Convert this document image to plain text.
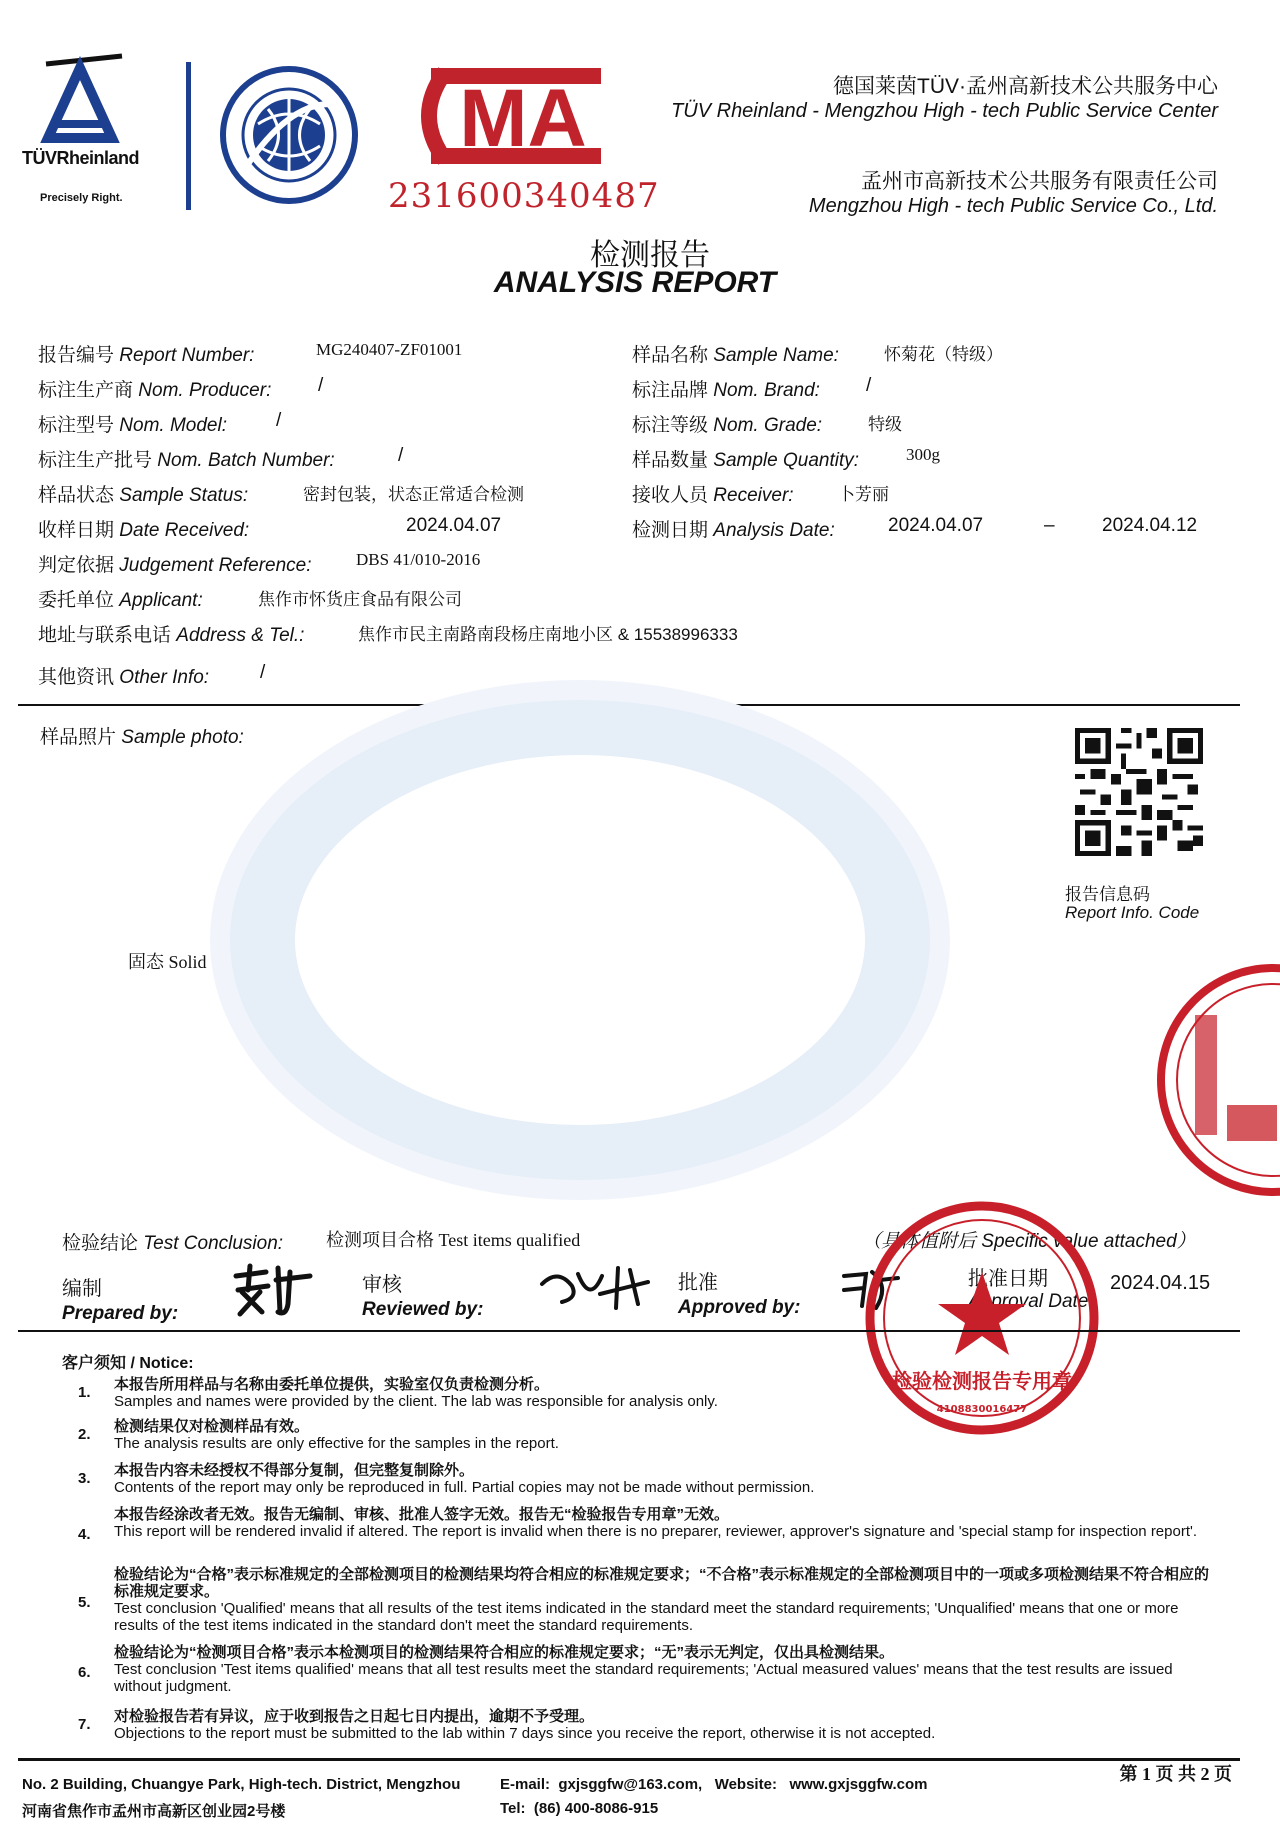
TÜVRheinland
Precisely Right.
MA
231600340487
德国莱茵TÜV·孟州高新技术公共服务中心
TÜV Rheinland - Mengzhou High - tech Public Service Center
孟州市高新技术公共服务有限责任公司
Mengzhou High - tech Public Service Co., Ltd.
检测报告
ANALYSIS REPORT
报告编号 Report Number:	MG240407-ZF01001
标注生产商 Nom. Producer: /
标注型号 Nom. Model:	/
标注生产批号 Nom. Batch Number:	/
样品状态 Sample Status:	密封包装，状态正常适合检测
收样日期 Date Received:	2024.04.07
判定依据 Judgement Reference:	DBS 41/010-2016
委托单位 Applicant:	焦作市怀货庄食品有限公司
地址与联系电话 Address & Tel.:	焦作市民主南路南段杨庄南地小区 & 15538996333
其他资讯 Other Info:	/
样品名称 Sample Name:	怀菊花（特级）
标注品牌 Nom. Brand: /
标注等级 Nom. Grade:	特级
样品数量 Sample Quantity:	300g
接收人员 Receiver:	卜芳丽
检测日期 Analysis Date:	2024.04.07	– 2024.04.12
样品照片 Sample photo:
固态 Solid
报告信息码
Report Info. Code
检验结论 Test Conclusion: 检测项目合格 Test items qualified	（具体值附后 Specific value attached）
编制
Prepared by:
审核
Reviewed by:
批准
Approved by:
批准日期
Approval Date
2024.04.15
检验检测报告专用章
4108830016477
客户须知 / Notice:
1. 本报告所用样品与名称由委托单位提供，实验室仅负责检测分析。
Samples and names were provided by the client. The lab was responsible for analysis only.
2. 检测结果仅对检测样品有效。
The analysis results are only effective for the samples in the report.
3. 本报告内容未经授权不得部分复制，但完整复制除外。
Contents of the report may only be reproduced in full. Partial copies may not be made without permission.
4.
本报告经涂改者无效。报告无编制、审核、批准人签字无效。报告无“检验报告专用章”无效。
This report will be rendered invalid if altered. The report is invalid when there is no preparer, reviewer, approver's signature and 'special stamp for inspection report'.
5.
检验结论为“合格”表示标准规定的全部检测项目的检测结果均符合相应的标准规定要求；“不合格”表示标准规定的全部检测项目中的一项或多项检测结果不符合相应的标准规定要求。
Test conclusion 'Qualified' means that all results of the test items indicated in the standard meet the standard requirements; 'Unqualified' means that one or more results of the test items indicated in the standard don't meet the standard requirements.
6.
检验结论为“检测项目合格”表示本检测项目的检测结果符合相应的标准规定要求；“无”表示无判定，仅出具检测结果。
Test conclusion 'Test items qualified' means that all test results meet the standard requirements; 'Actual measured values' means that the test results are issued without judgment.
7. 对检验报告若有异议，应于收到报告之日起七日内提出，逾期不予受理。
Objections to the report must be submitted to the lab within 7 days since you receive the report, otherwise it is not accepted.
No. 2 Building, Chuangye Park, High-tech. District, Mengzhou
河南省焦作市孟州市高新区创业园2号楼
E-mail: gxjsggfw@163.com,   Website: www.gxjsggfw.com
Tel: (86) 400-8086-915
第 1 页 共 2 页
